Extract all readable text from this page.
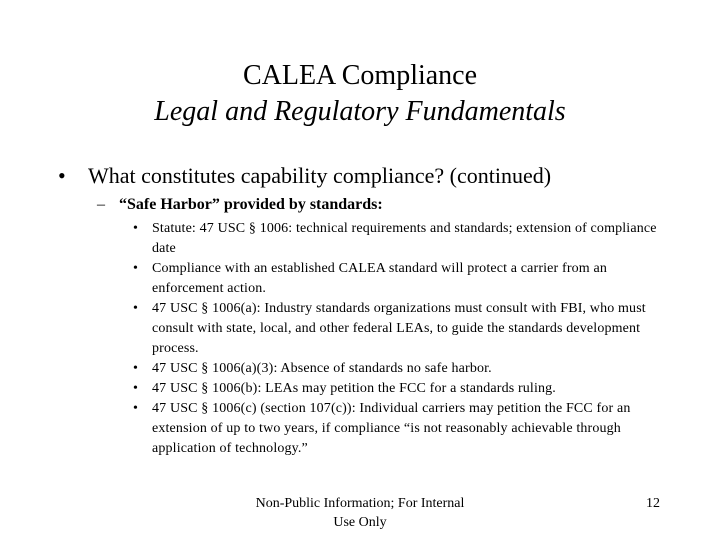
CALEA Compliance
Legal and Regulatory Fundamentals
• What constitutes capability compliance? (continued)
– “Safe Harbor” provided by standards:
• Statute: 47 USC § 1006: technical requirements and standards; extension of compliance date
• Compliance with an established CALEA standard will protect a carrier from an enforcement action.
• 47 USC § 1006(a): Industry standards organizations must consult with FBI, who must consult with state, local, and other federal LEAs, to guide the standards development process.
• 47 USC § 1006(a)(3): Absence of standards no safe harbor.
• 47 USC § 1006(b): LEAs may petition the FCC for a standards ruling.
• 47 USC § 1006(c) (section 107(c)): Individual carriers may petition the FCC for an extension of up to two years, if compliance “is not reasonably achievable through application of technology.”
Non-Public Information; For Internal
Use Only
12
